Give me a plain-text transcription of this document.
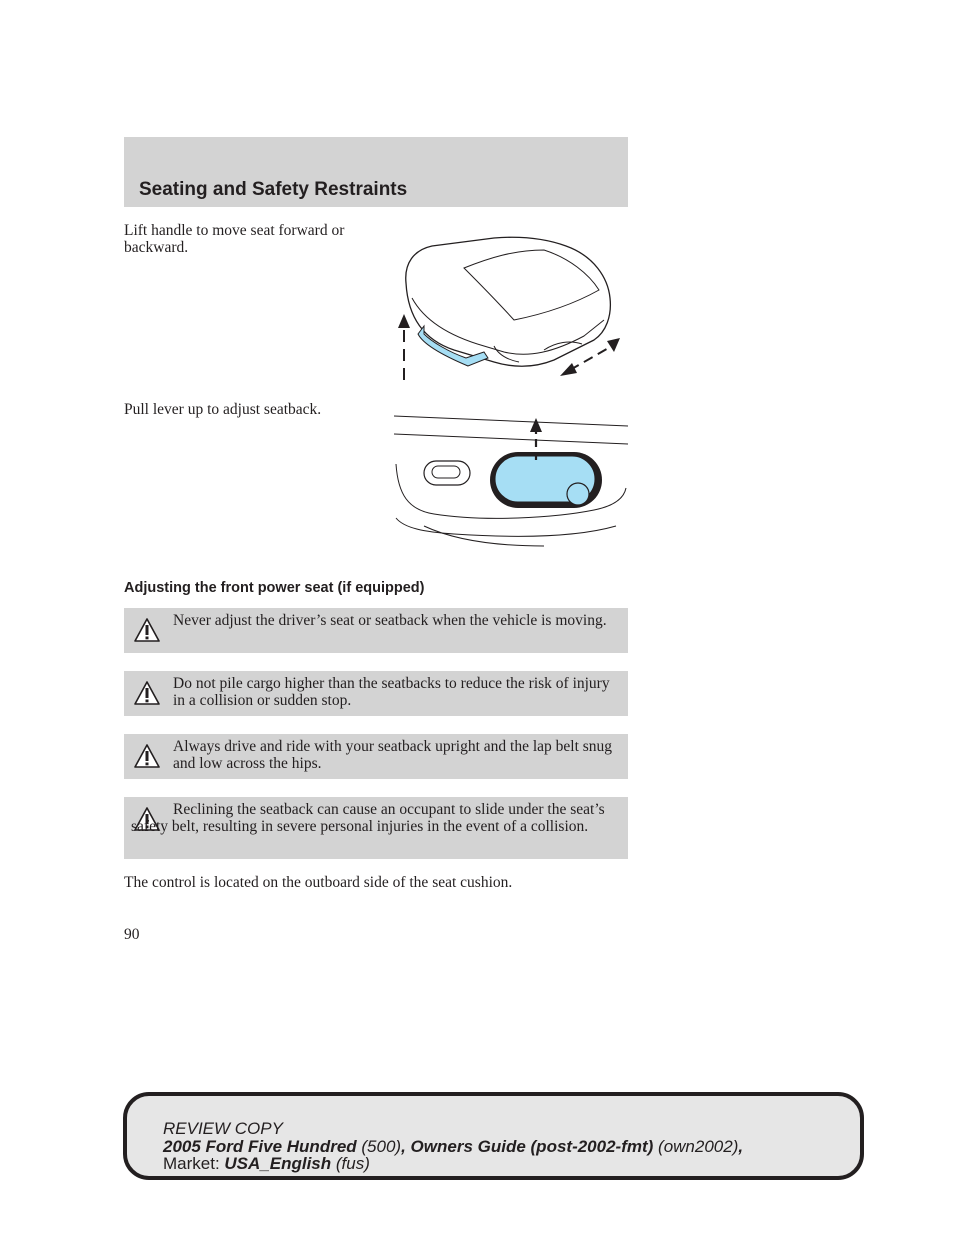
Seating and Safety Restraints

Lift handle to move seat forward or backward.

Pull lever up to adjust seatback.

Adjusting the front power seat (if equipped)

Never adjust the driver’s seat or seatback when the vehicle is moving.

Do not pile cargo higher than the seatbacks to reduce the risk of injury in a collision or sudden stop.

Always drive and ride with your seatback upright and the lap belt snug and low across the hips.

Reclining the seatback can cause an occupant to slide under the seat’s safety belt, resulting in severe personal injuries in the event of a collision.

The control is located on the outboard side of the seat cushion.

90

REVIEW COPY
2005 Ford Five Hundred (500), Owners Guide (post-2002-fmt) (own2002),
Market: USA_English (fus)
